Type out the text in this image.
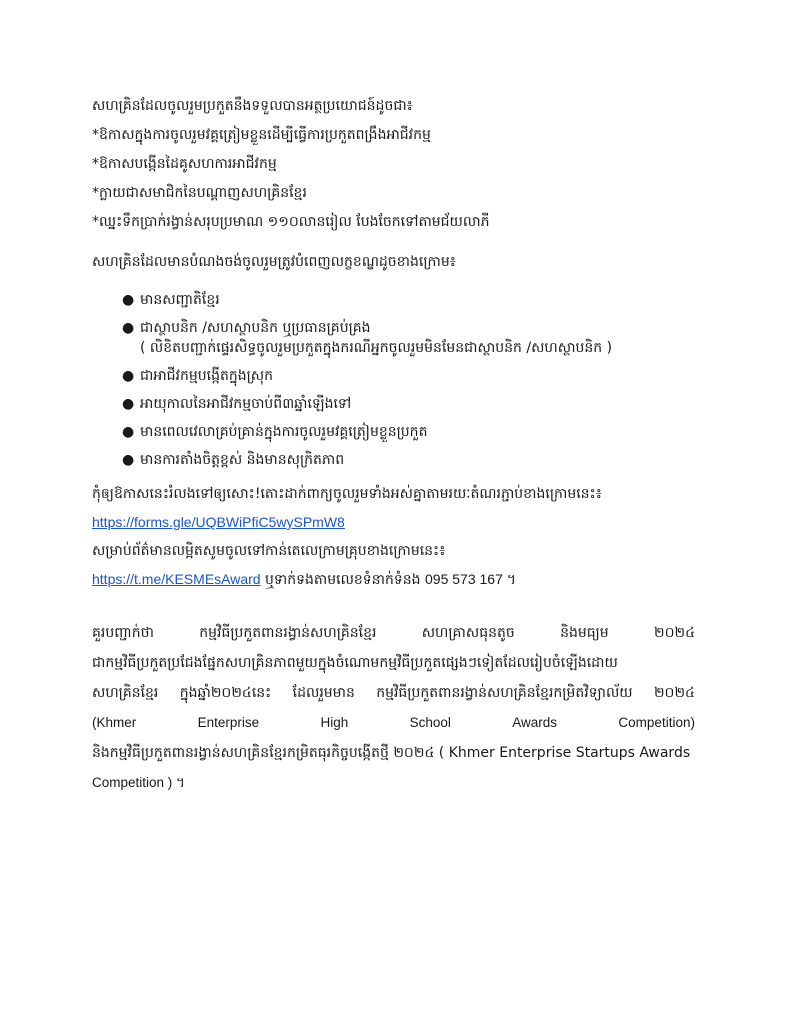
សហគ្រិនដែលចូលរួមប្រកួតនឹងទទួលបានអត្ថប្រយោជន៍ដូចជា៖
*ឱកាសក្នុងការចូលរួមវគ្គត្រៀមខ្លួនដើម្បីធ្វើការប្រកួតពង្រឹងអាជីវកម្ម
*ឱកាសបង្កើនដៃគូសហការអាជីវកម្ម
*ក្លាយជាសមាជិកនៃបណ្ដាញសហគ្រិនខ្មែរ
*ឈ្នះទឹកប្រាក់រង្វាន់សរុបប្រមាណ ១១០លានរៀល បែងចែកទៅតាមជ័យលាភី
សហគ្រិនដែលមានបំណងចង់ចូលរួមត្រូវបំពេញលក្ខខណ្ឌដូចខាងក្រោម៖
● មានសញ្ជាតិខ្មែរ
● ជាស្ថាបនិក /សហស្ថាបនិក ឬប្រធានគ្រប់គ្រង
( លិខិតបញ្ជាក់ផ្ទេរសិទ្ធចូលរួមប្រកួតក្នុងករណីអ្នកចូលរួមមិនមែនជាស្ថាបនិក /សហស្ថាបនិក )
● ជាអាជីវកម្មបង្កើតក្នុងស្រុក
● អាយុកាលនៃអាជីវកម្មចាប់ពី៣ឆ្នាំឡើងទៅ
● មានពេលវេលាគ្រប់គ្រាន់ក្នុងការចូលរួមវគ្គត្រៀមខ្លួនប្រកួត
● មានការតាំងចិត្តខ្ពស់ និងមានសុក្រិតភាព
កុំឲ្យឱកាសនេះរំលងទៅឲ្យសោះ!តោះដាក់ពាក្យចូលរួមទាំងអស់គ្នាតាមរយៈតំណរភ្ជាប់ខាងក្រោមនេះ៖
https://forms.gle/UQBWiPfiC5wySPmW8
សម្រាប់ព័ត៌មានលម្អិតសូមចូលទៅកាន់តេលេក្រាមគ្រុបខាងក្រោមនេះ៖
https://t.me/KESMEsAward ឬទាក់ទងតាមលេខទំនាក់ទំនង 095 573 167 ។
គួរបញ្ជាក់ថា	កម្មវិធីប្រកួតពានរង្វាន់សហគ្រិនខ្មែរ	សហគ្រាសធុនតូច	និងមធ្យម	២០២៤
ជាកម្មវិធីប្រកួតប្រជែងផ្នែកសហគ្រិនភាពមួយក្នុងចំណោមកម្មវិធីប្រកួតផ្សេងៗទៀតដែលរៀបចំឡើងដោយ
សហគ្រិនខ្មែរ ក្នុងឆ្នាំ២០២៤នេះ ដែលរួមមាន កម្មវិធីប្រកួតពានរង្វាន់សហគ្រិនខ្មែរកម្រិតវិទ្យាល័យ ២០២៤
(Khmer	Enterprise	High	School	Awards	Competition)
និងកម្មវិធីប្រកួតពានរង្វាន់សហគ្រិនខ្មែរកម្រិតធុរកិច្ចបង្កើតថ្មី ២០២៤ ( Khmer Enterprise Startups Awards
Competition ) ។
